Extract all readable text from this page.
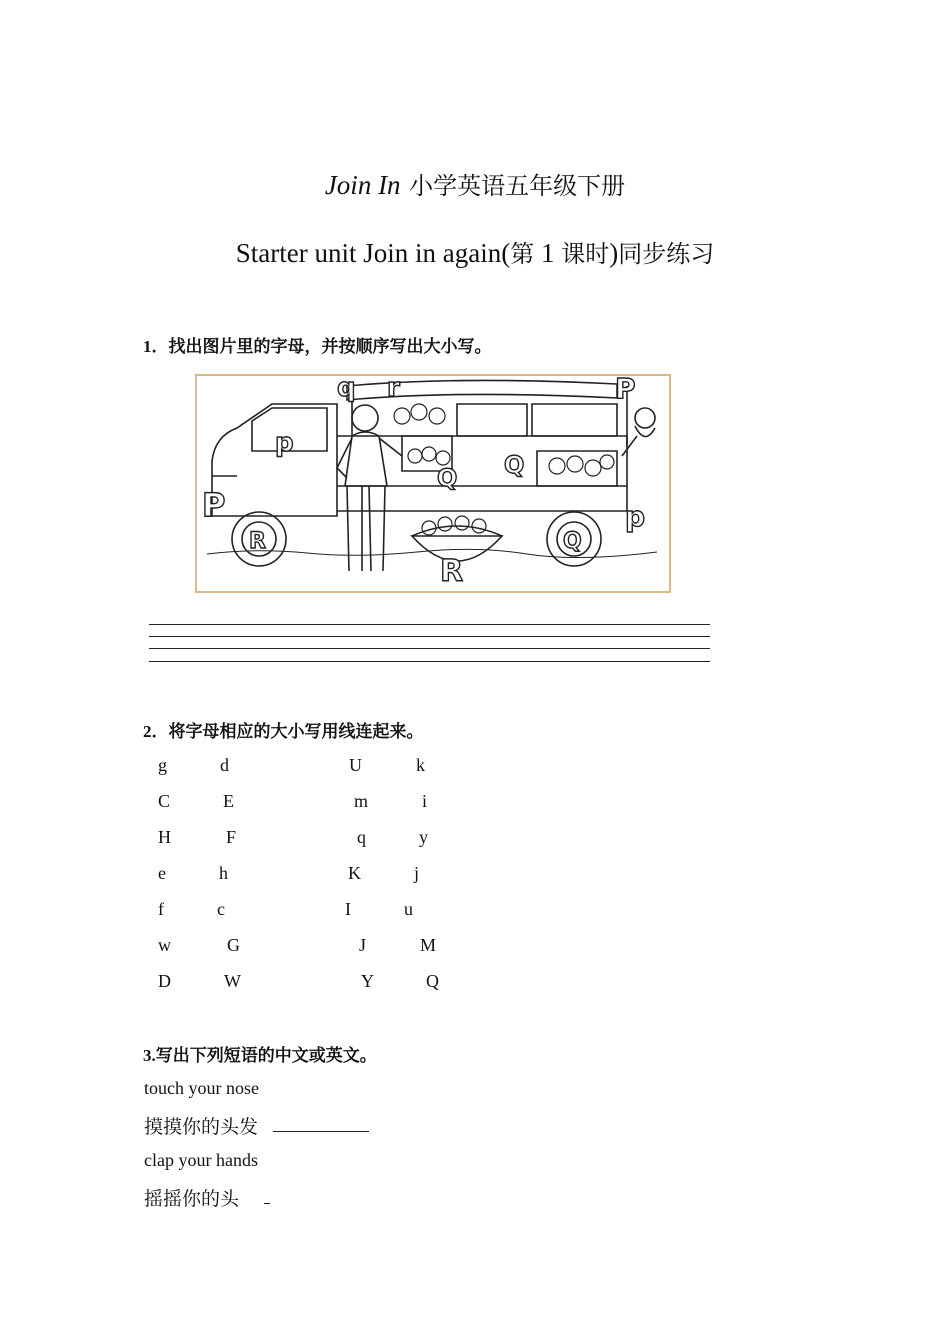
Join In 小学英语五年级下册
Starter unit Join in again(第 1 课时)同步练习
1．找出图片里的字母，并按顺序写出大小写。
q r	P
p
P
Q Q
R
R
Q
p
2．将字母相应的大小写用线连起来。
g	d	U	k
C	E	m	i
H	F	q	y
e	h	K	j
f	c	I	u
w	G	J	M
D	W	Y	Q
3.写出下列短语的中文或英文。
touch your nose
摸摸你的头发
clap your hands
摇摇你的头
